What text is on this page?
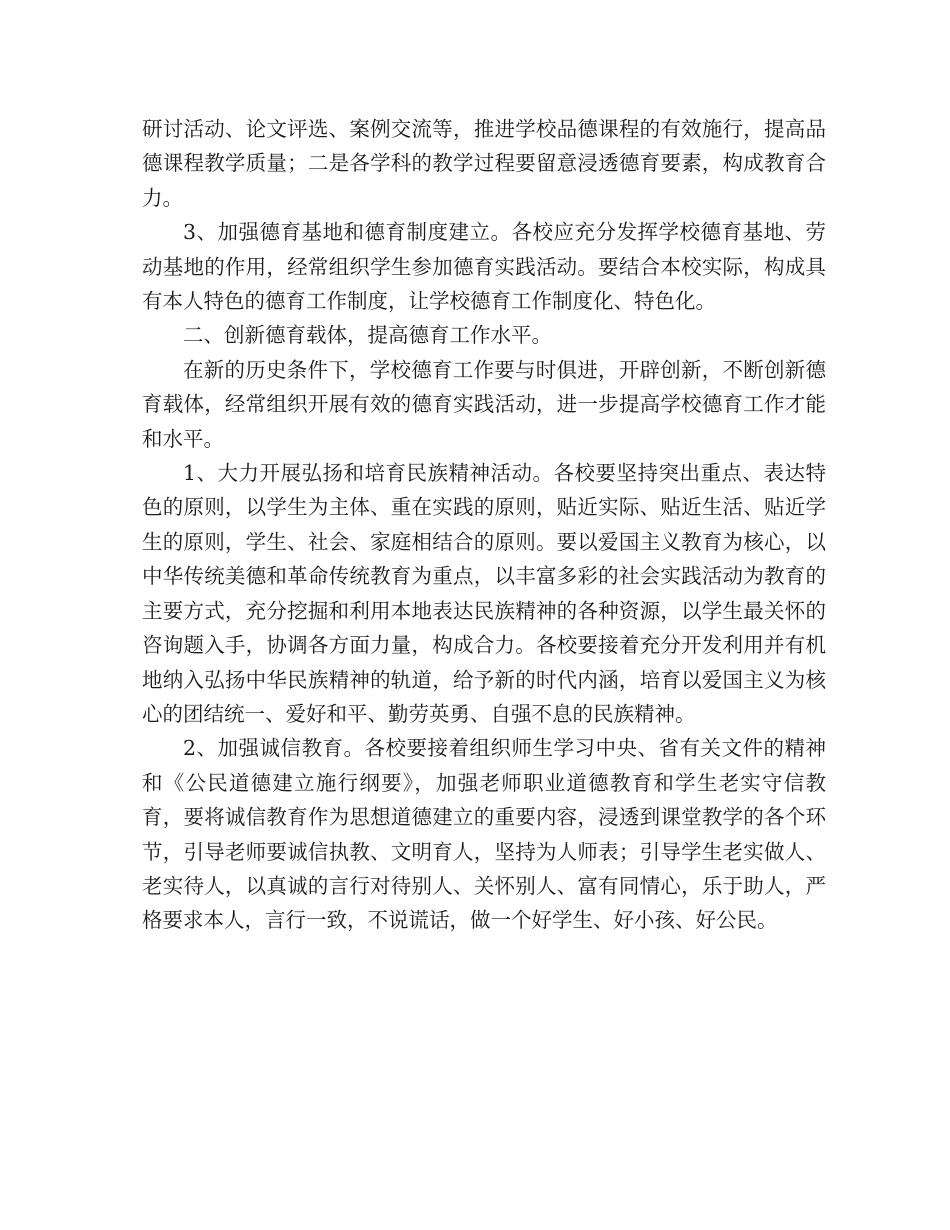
研讨活动、论文评选、案例交流等，推进学校品德课程的有效施行，提高品德课程教学质量；二是各学科的教学过程要留意浸透德育要素，构成教育合力。

3、加强德育基地和德育制度建立。各校应充分发挥学校德育基地、劳动基地的作用，经常组织学生参加德育实践活动。要结合本校实际，构成具有本人特色的德育工作制度，让学校德育工作制度化、特色化。

二、创新德育载体，提高德育工作水平。

在新的历史条件下，学校德育工作要与时俱进，开辟创新，不断创新德育载体，经常组织开展有效的德育实践活动，进一步提高学校德育工作才能和水平。

1、大力开展弘扬和培育民族精神活动。各校要坚持突出重点、表达特色的原则，以学生为主体、重在实践的原则，贴近实际、贴近生活、贴近学生的原则，学生、社会、家庭相结合的原则。要以爱国主义教育为核心，以中华传统美德和革命传统教育为重点，以丰富多彩的社会实践活动为教育的主要方式，充分挖掘和利用本地表达民族精神的各种资源，以学生最关怀的咨询题入手，协调各方面力量，构成合力。各校要接着充分开发利用并有机地纳入弘扬中华民族精神的轨道，给予新的时代内涵，培育以爱国主义为核心的团结统一、爱好和平、勤劳英勇、自强不息的民族精神。

2、加强诚信教育。各校要接着组织师生学习中央、省有关文件的精神和《公民道德建立施行纲要》，加强老师职业道德教育和学生老实守信教育，要将诚信教育作为思想道德建立的重要内容，浸透到课堂教学的各个环节，引导老师要诚信执教、文明育人，坚持为人师表；引导学生老实做人、老实待人，以真诚的言行对待别人、关怀别人、富有同情心，乐于助人，严格要求本人，言行一致，不说谎话，做一个好学生、好小孩、好公民。
